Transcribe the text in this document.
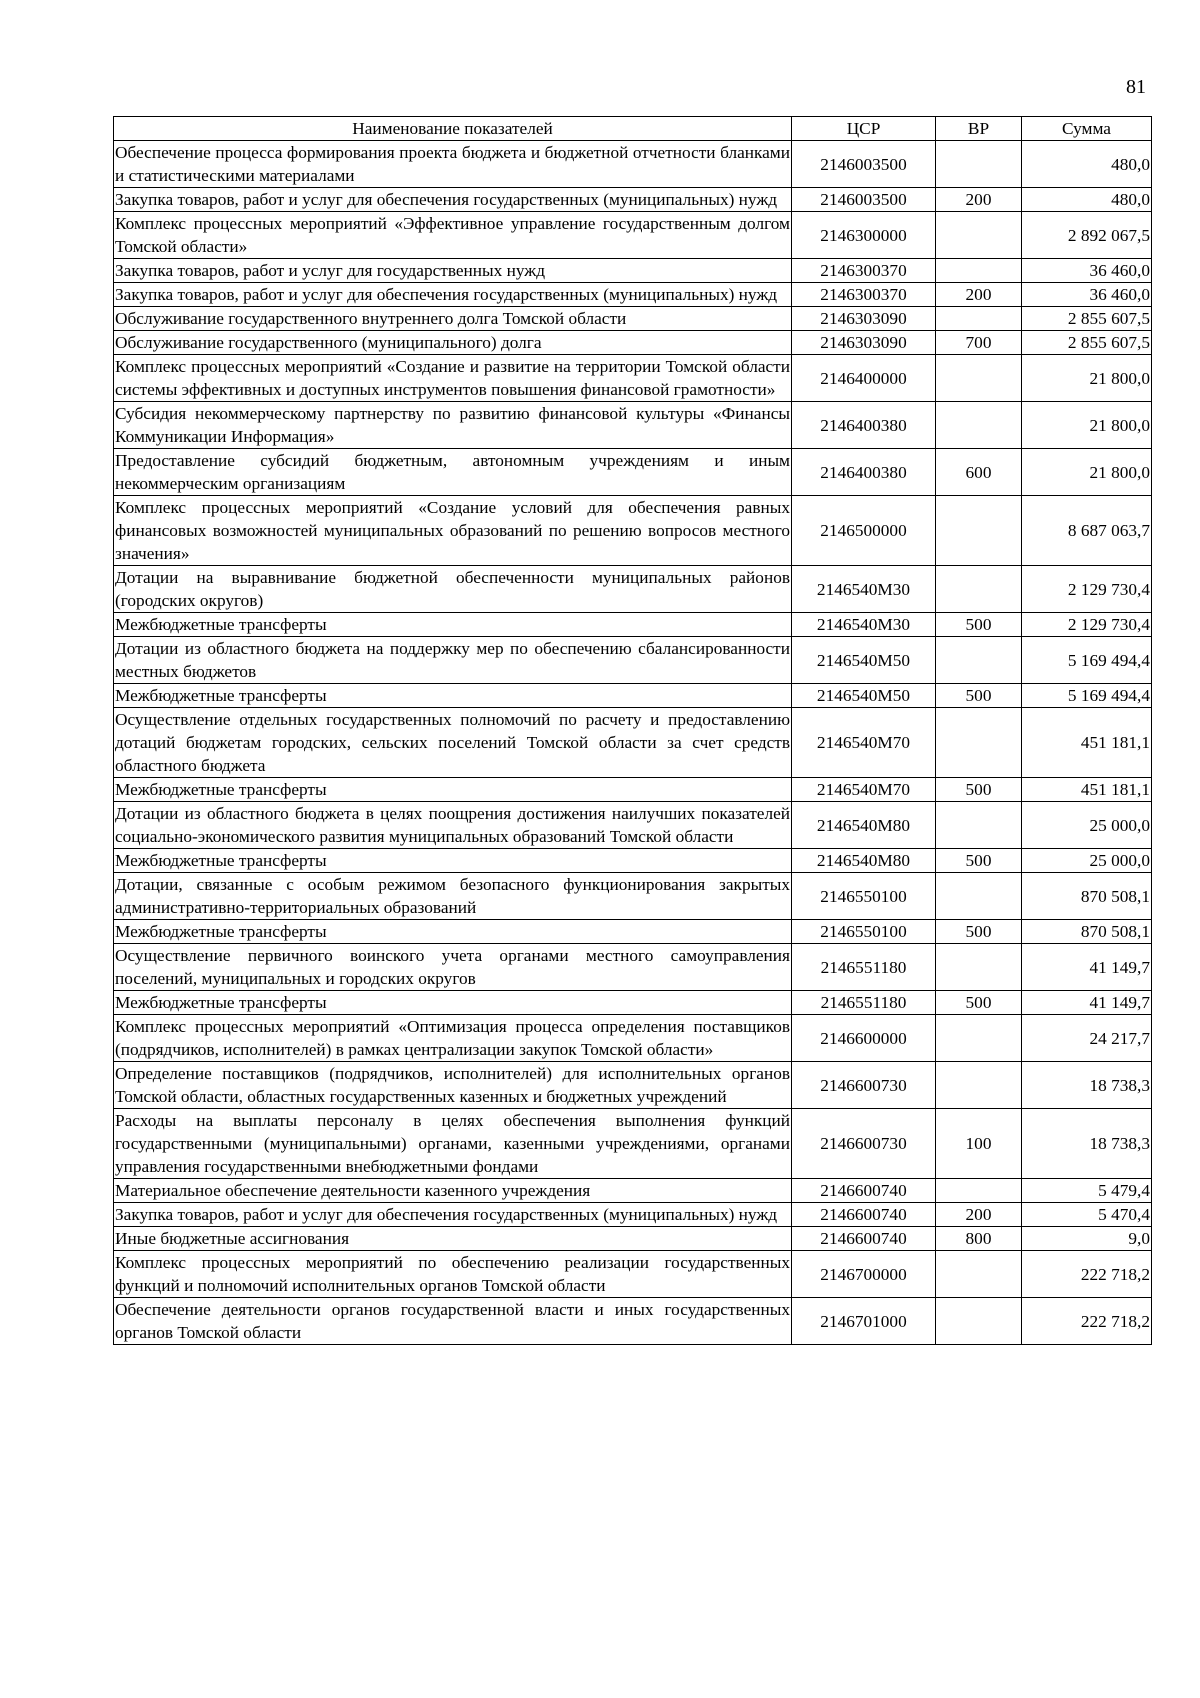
81
Наименование показателей	ЦСР	ВР	Сумма
Обеспечение процесса формирования проекта бюджета и бюджетной отчетности бланками и статистическими материалами	2146003500		480,0
Закупка товаров, работ и услуг для обеспечения государственных (муниципальных) нужд	2146003500	200	480,0
Комплекс процессных мероприятий «Эффективное управление государственным долгом Томской области»	2146300000		2 892 067,5
Закупка товаров, работ и услуг для государственных нужд	2146300370		36 460,0
Закупка товаров, работ и услуг для обеспечения государственных (муниципальных) нужд	2146300370	200	36 460,0
Обслуживание государственного внутреннего долга Томской области	2146303090		2 855 607,5
Обслуживание государственного (муниципального) долга	2146303090	700	2 855 607,5
Комплекс процессных мероприятий «Создание и развитие на территории Томской области системы эффективных и доступных инструментов повышения финансовой грамотности»	2146400000		21 800,0
Субсидия некоммерческому партнерству по развитию финансовой культуры «Финансы Коммуникации Информация»	2146400380		21 800,0
Предоставление субсидий бюджетным, автономным учреждениям и иным некоммерческим организациям	2146400380	600	21 800,0
Комплекс процессных мероприятий «Создание условий для обеспечения равных финансовых возможностей муниципальных образований по решению вопросов местного значения»	2146500000		8 687 063,7
Дотации на выравнивание бюджетной обеспеченности муниципальных районов (городских округов)	2146540М30		2 129 730,4
Межбюджетные трансферты	2146540М30	500	2 129 730,4
Дотации из областного бюджета на поддержку мер по обеспечению сбалансированности местных бюджетов	2146540М50		5 169 494,4
Межбюджетные трансферты	2146540М50	500	5 169 494,4
Осуществление отдельных государственных полномочий по расчету и предоставлению дотаций бюджетам городских, сельских поселений Томской области за счет средств областного бюджета	2146540М70		451 181,1
Межбюджетные трансферты	2146540М70	500	451 181,1
Дотации из областного бюджета в целях поощрения достижения наилучших показателей социально-экономического развития муниципальных образований Томской области	2146540М80		25 000,0
Межбюджетные трансферты	2146540М80	500	25 000,0
Дотации, связанные с особым режимом безопасного функционирования закрытых административно-территориальных образований	2146550100		870 508,1
Межбюджетные трансферты	2146550100	500	870 508,1
Осуществление первичного воинского учета органами местного самоуправления поселений, муниципальных и городских округов	2146551180		41 149,7
Межбюджетные трансферты	2146551180	500	41 149,7
Комплекс процессных мероприятий «Оптимизация процесса определения поставщиков (подрядчиков, исполнителей) в рамках централизации закупок Томской области»	2146600000		24 217,7
Определение поставщиков (подрядчиков, исполнителей) для исполнительных органов Томской области, областных государственных казенных и бюджетных учреждений	2146600730		18 738,3
Расходы на выплаты персоналу в целях обеспечения выполнения функций государственными (муниципальными) органами, казенными учреждениями, органами управления государственными внебюджетными фондами	2146600730	100	18 738,3
Материальное обеспечение деятельности казенного учреждения	2146600740		5 479,4
Закупка товаров, работ и услуг для обеспечения государственных (муниципальных) нужд	2146600740	200	5 470,4
Иные бюджетные ассигнования	2146600740	800	9,0
Комплекс процессных мероприятий по обеспечению реализации государственных функций и полномочий исполнительных органов Томской области	2146700000		222 718,2
Обеспечение деятельности органов государственной власти и иных государственных органов Томской области	2146701000		222 718,2
